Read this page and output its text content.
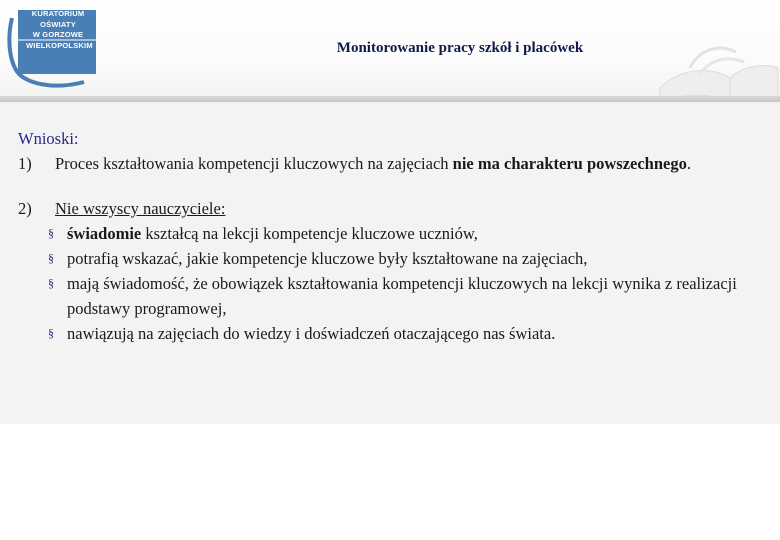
KURATORIUM
OŚWIATY
W GORZOWE
WIELKOPOLSKIM	Monitorowanie pracy szkół i placówek
Wnioski:
1)	Proces kształtowania kompetencji kluczowych na zajęciach nie ma charakteru powszechnego.
2)	Nie wszyscy nauczyciele:
§ świadomie kształcą na lekcji kompetencje kluczowe uczniów,
§ potrafią wskazać, jakie kompetencje kluczowe były kształtowane na zajęciach,
§ mają świadomość, że obowiązek kształtowania kompetencji kluczowych na lekcji wynika z realizacji podstawy programowej,
§ nawiązują na zajęciach do wiedzy i doświadczeń otaczającego nas świata.
